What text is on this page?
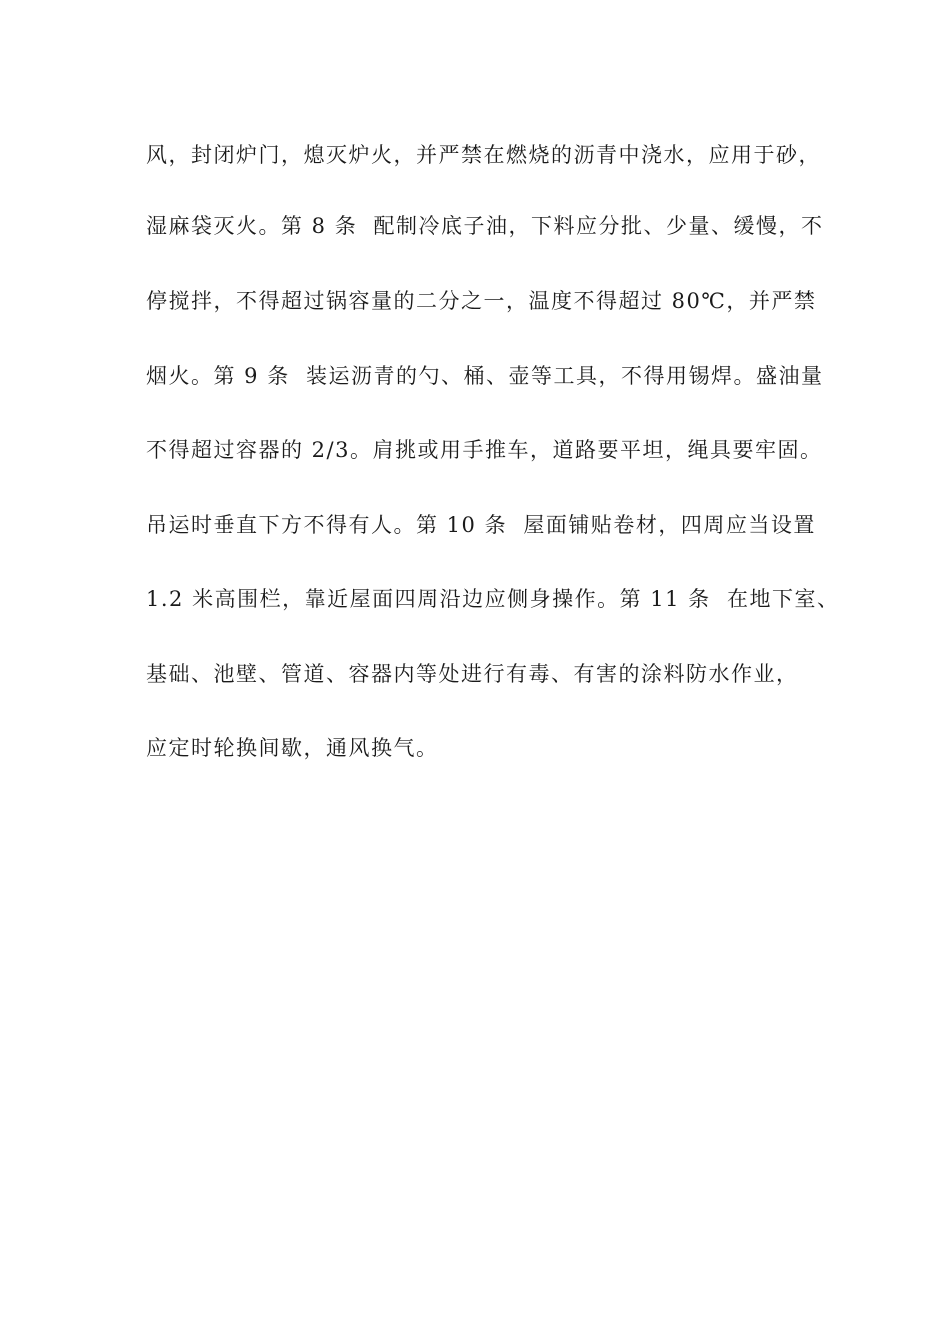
风，封闭炉门，熄灭炉火，并严禁在燃烧的沥青中浇水，应用于砂，
湿麻袋灭火。第 8 条  配制冷底子油，下料应分批、少量、缓慢，不
停搅拌，不得超过锅容量的二分之一，温度不得超过 80℃，并严禁
烟火。第 9 条  装运沥青的勺、桶、壶等工具，不得用锡焊。盛油量
不得超过容器的 2/3。肩挑或用手推车，道路要平坦，绳具要牢固。
吊运时垂直下方不得有人。第 10 条  屋面铺贴卷材，四周应当设置
1.2 米高围栏，靠近屋面四周沿边应侧身操作。第 11 条  在地下室、
基础、池壁、管道、容器内等处进行有毒、有害的涂料防水作业，
应定时轮换间歇，通风换气。
